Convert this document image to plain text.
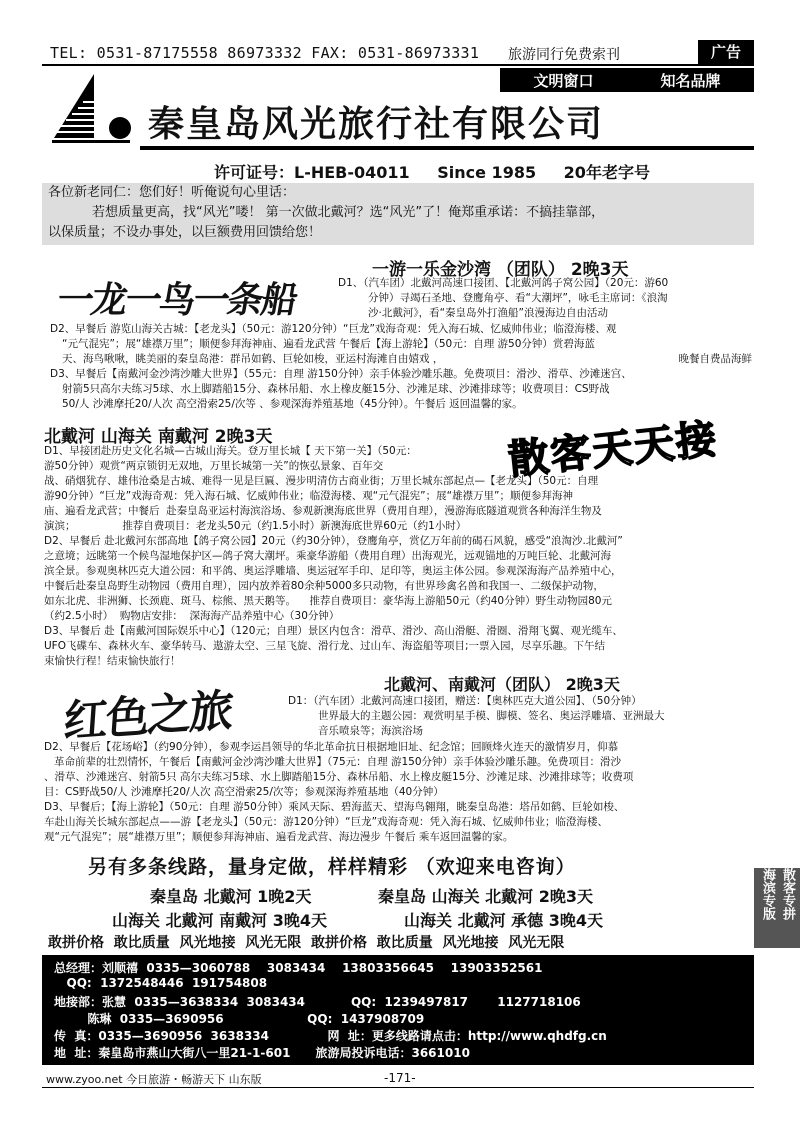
TEL: 0531-87175558 86973332 FAX: 0531-86973331 旅游同行免费索刊	广告
文明窗口	知名品牌
秦皇岛风光旅行社有限公司
许可证号：L-HEB-04011 Since 1985 20年老字号
各位新老同仁：您们好！听俺说句心里话：
若想质量更高，找“风光”喽！ 第一次做北戴河？选“风光”了！俺郑重承诺：不搞挂靠部，
以保质量；不设办事处，以巨额费用回馈给您！
一龙一鸟一条船
一游一乐金沙湾 （团队） 2晚3天
D1、（汽车团）北戴河高速口接团、【北戴河鸽子窝公园】（20元：游60
分钟）寻竭石圣地、登鹰角亭、看“大潮坪”，咏毛主席词：《浪淘
沙·北戴河》，看“秦皇岛外打渔船”浪漫海边自由活动
D2、早餐后 游览山海关古城：【老龙头】（50元：游120分钟）“巨龙”戏海奇观：凭入海石城、忆威帅伟业；临澄海楼、观
“元气混宪”；展“雄襟万里”；顺便参拜海神庙、遍看龙武营 午餐后【海上游轮】（50元：自理 游50分钟）赏碧海蓝
天、海鸟啾啾，眺美丽的秦皇岛港：群吊如鹤、巨轮如梭，亚运村海滩自由嬉戏 ，	晚餐自费品海鲜
D3、早餐后【南戴河金沙湾沙雕大世界】（55元：自理 游150分钟）亲手体验沙雕乐趣。免费项目：滑沙、滑草、沙滩迷宫、
射箭5只高尔夫练习5球、水上脚踏船15分、森林吊船、水上橡皮艇15分、沙滩足球、沙滩排球等；收费项目：CS野战
50/人 沙滩摩托20/人次 高空滑索25/次等 、参观深海养殖基地（45分钟）。午餐后 返回温馨的家。
北戴河 山海关 南戴河 2晚3天	散客天天接
D1、早接团赴历史文化名城—古城山海关。登万里长城【 天下第一关】（50元：
游50分钟）观赏“两京锁钥无双地，万里长城第一关”的恢弘景象、百年交
战、硝烟犹存、雄伟沧桑是古城、难得一见是巨匾、漫步明清仿古商业街；万里长城东部起点—【老龙头】（50元：自理
游90分钟）“巨龙”戏海奇观：凭入海石城、忆威帅伟业；临澄海楼、观“元气混宪”；展“雄襟万里”；顺便参拜海神
庙、遍看龙武营；中餐后  赴秦皇岛亚运村海滨浴场、参观新澳海底世界（费用自理），漫游海底隧道观赏各种海洋生物及
演滨；              推荐自费项目：老龙头50元（约1.5小时）新澳海底世界60元（约1小时）
D2、早餐后 赴北戴河东部高地【鸽子窝公园】20元（约30分钟），登鹰角亭，赏亿万年前的碣石风貌，感受“浪淘沙.北戴河”
之意境；远眺第一个候鸟湿地保护区—鸽子窝大潮坪。乘豪华游船（费用自理）出海观光，远观锚地的万吨巨轮、北戴河海
滨全景。参观奥林匹克大道公园：和平鸽、奥运浮雕墙、奥运冠军手印、足印等，奥运主体公园。参观深海海产品养殖中心，
中餐后赴秦皇岛野生动物园（费用自理），园内放养着80余种5000多只动物，有世界珍禽名兽和我国一、二级保护动物，
如东北虎、非洲狮、长颈鹿、斑马、棕熊、黑天鹅等。    推荐自费项目：豪华海上游船50元（约40分钟）野生动物园80元
（约2.5小时）  购物店安排：  深海海产品养殖中心（30分钟）
D3、早餐后 赴【南戴河国际娱乐中心】（120元；自理）景区内包含：滑草、滑沙、高山滑艇、滑圈、滑翔飞翼、观光缆车、
UFO飞碟车、森林火车、豪华转马、遨游太空、三星飞旋、滑行龙、过山车、海盗船等项目;一票入园，尽享乐趣。下午结
束愉快行程！结束愉快旅行！
红色之旅
北戴河、南戴河（团队） 2晚3天
D1：（汽车团）北戴河高速口接团，赠送：【奥林匹克大道公园】、（50分钟）
世界最大的主题公园：观赏明星手模、脚模、签名、奥运浮雕墙、亚洲最大
音乐喷泉等；海滨浴场
D2、早餐后【花场峪】（约90分钟），参观李运昌领导的华北革命抗日根据地旧址、纪念馆；回顾烽火连天的激情岁月，仰慕
革命前辈的壮烈情怀，午餐后【南戴河金沙湾沙雕大世界】（75元：自理 游150分钟）亲手体验沙雕乐趣。免费项目：滑沙
、滑草、沙滩迷宫、射箭5只 高尔夫练习5球、水上脚踏船15分、森林吊船、水上橡皮艇15分、沙滩足球、沙滩排球等；收费项
目：CS野战50/人 沙滩摩托20/人次 高空滑索25/次等；参观深海养殖基地（40分钟）
D3、早餐后；【海上游轮】（50元：自理 游50分钟）乘风天际、碧海蓝天、望海鸟翱翔，眺秦皇岛港：塔吊如鹤、巨轮如梭、
车赴山海关长城东部起点——游【老龙头】（50元：游120分钟）“巨龙”戏海奇观：凭入海石城、忆威帅伟业；临澄海楼、
观“元气混宪”；展“雄襟万里”；顺便参拜海神庙、遍看龙武营、海边漫步 午餐后 乘车返回温馨的家。
另有多条线路，量身定做，样样精彩 （欢迎来电咨询）
秦皇岛 北戴河 1晚2天	秦皇岛 山海关 北戴河 2晚3天
山海关 北戴河 南戴河 3晚4天	山海关 北戴河 承德 3晚4天
敢拼价格  敢比质量  风光地接  风光无限  敢拼价格  敢比质量  风光地接  风光无限
海滨专版 散客专拼
总经理：刘顺禧  0335—3060788    3083434    13803356645    13903352561
QQ:  1372548446  191754808
地接部：张慧  0335—3638334  3083434           QQ:  1239497817       1127718106
陈琳  0335—3690956                    QQ:  1437908709
传  真：0335—3690956  3638334              网  址：更多线路请点击：http://www.qhdfg.cn
地  址：秦皇岛市燕山大街八一里21-1-601      旅游局投诉电话：3661010
www.zyoo.net 今日旅游・畅游天下 山东版	-171-
